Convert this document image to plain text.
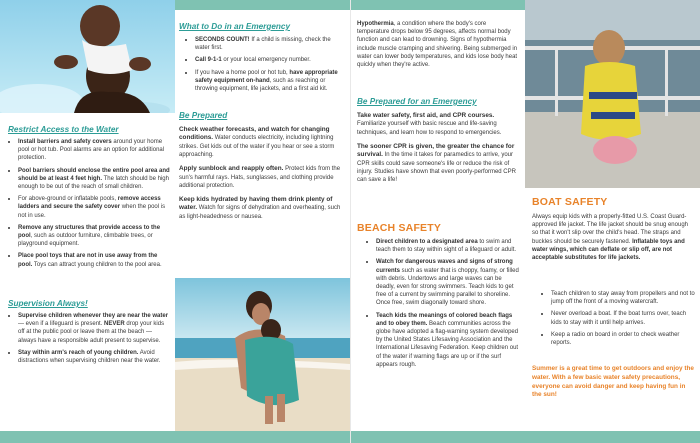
Restrict Access to the Water
• Install barriers and safety covers around your home pool or hot tub. Pool alarms are an option for additional protection.
• Pool barriers should enclose the entire pool area and should be at least 4 feet high. The latch should be high enough to be out of the reach of small children.
• For above-ground or inflatable pools, remove access ladders and secure the safety cover when the pool is not in use.
• Remove any structures that provide access to the pool, such as outdoor furniture, climbable trees, or playground equipment.
• Place pool toys that are not in use away from the pool. Toys can attract young children to the pool area.
Supervision Always!
• Supervise children whenever they are near the water — even if a lifeguard is present. NEVER drop your kids off at the public pool or leave them at the beach — always have a responsible adult present to supervise.
• Stay within arm's reach of young children. Avoid distractions when supervising children near the water.
What to Do in an Emergency
• SECONDS COUNT! If a child is missing, check the water first.
• Call 9-1-1 or your local emergency number.
• If you have a home pool or hot tub, have appropriate safety equipment on-hand, such as reaching or throwing equipment, life jackets, and a first aid kit.
Be Prepared

Check weather forecasts, and watch for changing conditions. Water conducts electricity, including lightning strikes. Get kids out of the water if you hear or see a storm approaching.

Apply sunblock and reapply often. Protect kids from the sun's harmful rays. Hats, sunglasses, and clothing provide additional protection.

Keep kids hydrated by having them drink plenty of water. Watch for signs of dehydration and overheating, such as light-headedness or nausea.

Hypothermia, a condition where the body's core temperature drops below 95 degrees, affects normal body function and can lead to drowning. Signs of hypothermia include muscle cramping and shivering. Being submerged in water can lower body temperatures, and kids lose body heat quickly when they're active.

Be Prepared for an Emergency

Take water safety, first aid, and CPR courses. Familiarize yourself with basic rescue and life-saving techniques, and learn how to respond to emergencies.

The sooner CPR is given, the greater the chance for survival. In the time it takes for paramedics to arrive, your CPR skills could save someone's life or reduce the risk of injury. Studies have shown that even poorly-performed CPR can save a life!

BEACH SAFETY
• Direct children to a designated area to swim and teach them to stay within sight of a lifeguard or adult.
• Watch for dangerous waves and signs of strong currents such as water that is choppy, foamy, or filled with debris. Undertows and large waves can be deadly, even for strong swimmers. Teach kids to get free of a current by swimming parallel to shoreline. Once free, swim diagonally toward shore.
• Teach kids the meanings of colored beach flags and to obey them. Beach communities across the globe have adopted a flag-warning system developed by the United States Lifesaving Association and the International Lifesaving Federation. Keep children out of the water if warning flags are up or if the surf appears rough.
BOAT SAFETY

Always equip kids with a properly-fitted U.S. Coast Guard-approved life jacket. The life jacket should be snug enough so that it won't slip over the child's head. The straps and buckles should be securely fastened. Inflatable toys and water wings, which can deflate or slip off, are not acceptable substitutes for life jackets.

• Teach children to stay away from propellers and not to jump off the front of a moving watercraft.
• Never overload a boat. If the boat turns over, teach kids to stay with it until help arrives.
• Keep a radio on board in order to check weather reports.

Summer is a great time to get outdoors and enjoy the water. With a few basic water safety precautions, everyone can avoid danger and keep having fun in the sun!
